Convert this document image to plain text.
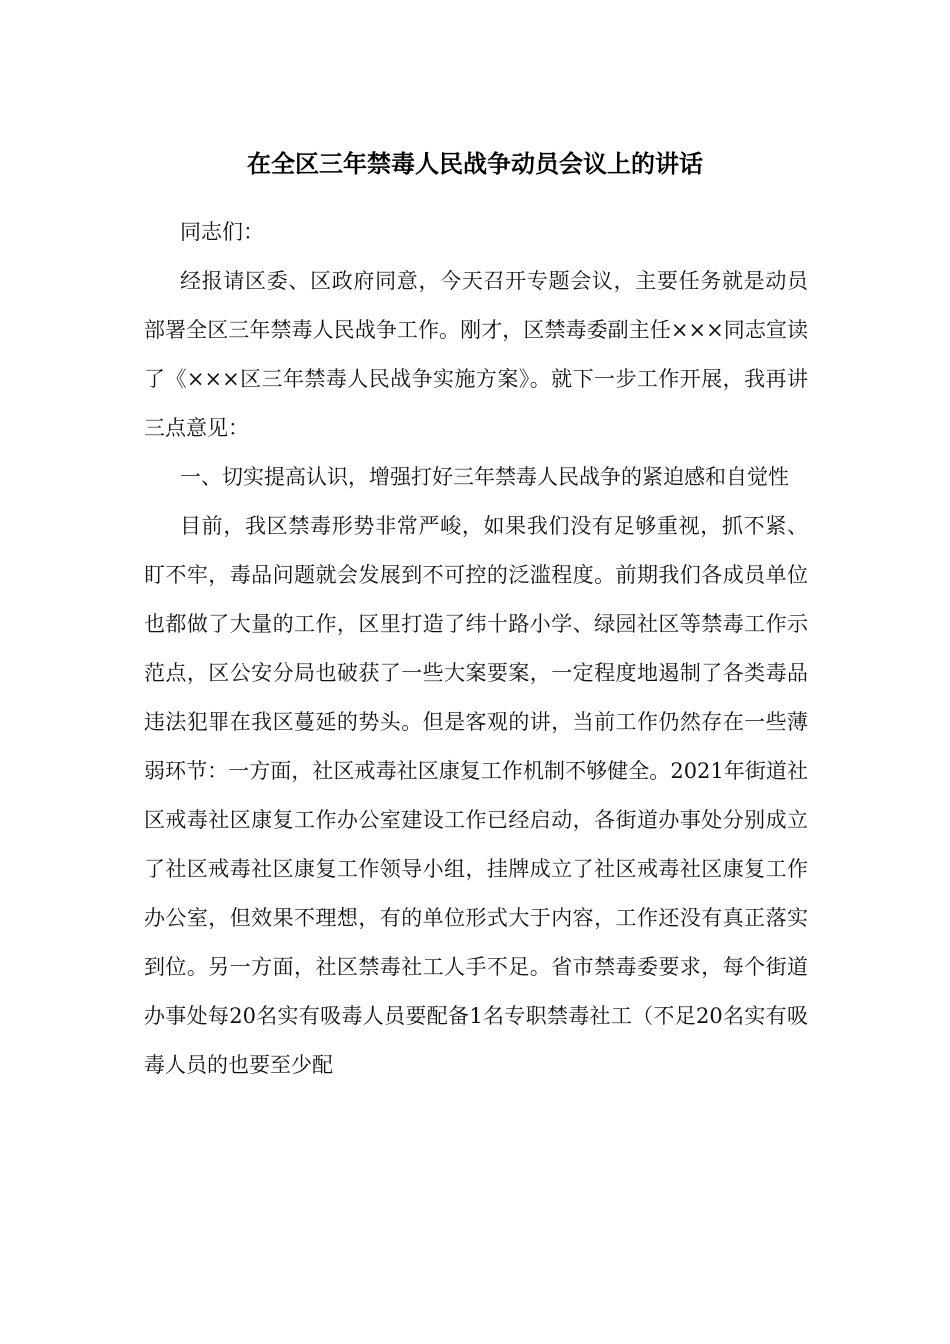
在全区三年禁毒人民战争动员会议上的讲话

同志们：

经报请区委、区政府同意，今天召开专题会议，主要任务就是动员部署全区三年禁毒人民战争工作。刚才，区禁毒委副主任×××同志宣读了《×××区三年禁毒人民战争实施方案》。就下一步工作开展，我再讲三点意见：

一、切实提高认识，增强打好三年禁毒人民战争的紧迫感和自觉性

目前，我区禁毒形势非常严峻，如果我们没有足够重视，抓不紧、盯不牢，毒品问题就会发展到不可控的泛滥程度。前期我们各成员单位也都做了大量的工作，区里打造了纬十路小学、绿园社区等禁毒工作示范点，区公安分局也破获了一些大案要案，一定程度地遏制了各类毒品违法犯罪在我区蔓延的势头。但是客观的讲，当前工作仍然存在一些薄弱环节：一方面，社区戒毒社区康复工作机制不够健全。2021年街道社区戒毒社区康复工作办公室建设工作已经启动，各街道办事处分别成立了社区戒毒社区康复工作领导小组，挂牌成立了社区戒毒社区康复工作办公室，但效果不理想，有的单位形式大于内容，工作还没有真正落实到位。另一方面，社区禁毒社工人手不足。省市禁毒委要求，每个街道办事处每20名实有吸毒人员要配备1名专职禁毒社工（不足20名实有吸毒人员的也要至少配
